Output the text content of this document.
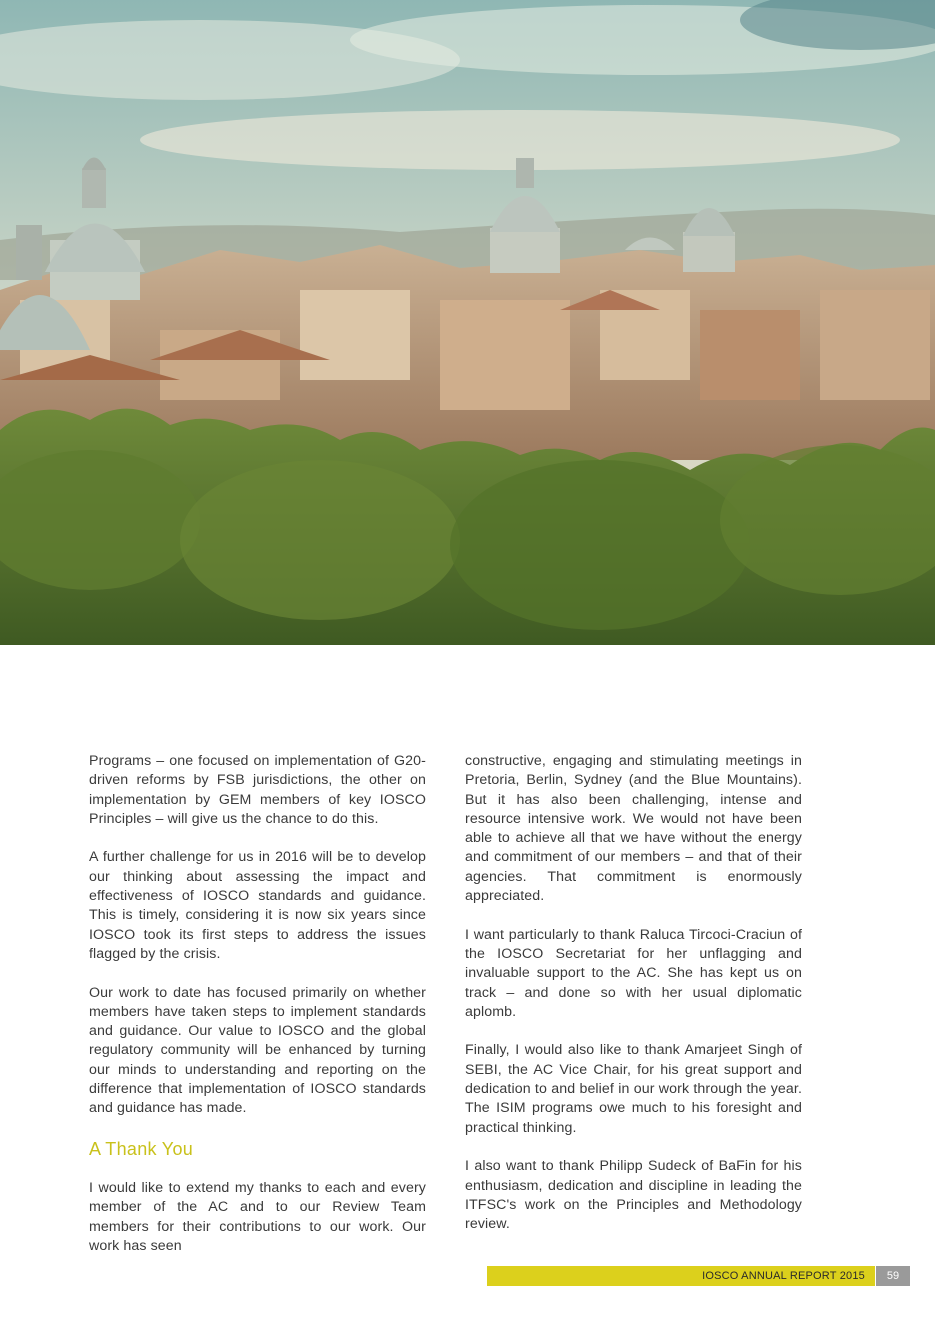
Programs – one focused on implementation of G20-driven reforms by FSB jurisdictions, the other on implementation by GEM members of key IOSCO Principles – will give us the chance to do this.

A further challenge for us in 2016 will be to develop our thinking about assessing the impact and effectiveness of IOSCO standards and guidance. This is timely, considering it is now six years since IOSCO took its first steps to address the issues flagged by the crisis.

Our work to date has focused primarily on whether members have taken steps to implement standards and guidance. Our value to IOSCO and the global regulatory community will be enhanced by turning our minds to understanding and reporting on the difference that implementation of IOSCO standards and guidance has made.

A Thank You

I would like to extend my thanks to each and every member of the AC and to our Review Team members for their contributions to our work. Our work has seen

constructive, engaging and stimulating meetings in Pretoria, Berlin, Sydney (and the Blue Mountains). But it has also been challenging, intense and resource intensive work. We would not have been able to achieve all that we have without the energy and commitment of our members – and that of their agencies. That commitment is enormously appreciated.

I want particularly to thank Raluca Tircoci-Craciun of the IOSCO Secretariat for her unflagging and invaluable support to the AC. She has kept us on track – and done so with her usual diplomatic aplomb.

Finally, I would also like to thank Amarjeet Singh of SEBI, the AC Vice Chair, for his great support and dedication to and belief in our work through the year. The ISIM programs owe much to his foresight and practical thinking.

I also want to thank Philipp Sudeck of BaFin for his enthusiasm, dedication and discipline in leading the ITFSC's work on the Principles and Methodology review.

IOSCO ANNUAL REPORT 2015	59
